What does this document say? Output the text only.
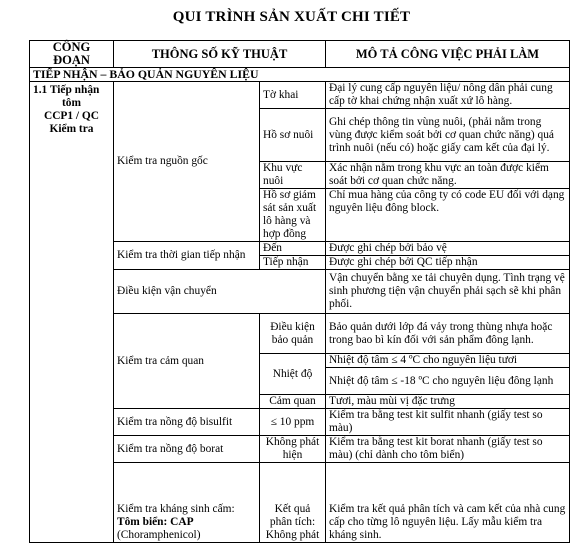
QUI TRÌNH SẢN XUẤT CHI TIẾT
CÔNG ĐOẠN	THÔNG SỐ KỸ THUẬT		MÔ TẢ CÔNG VIỆC PHẢI LÀM
TIẾP NHẬN – BẢO QUẢN NGUYÊN LIỆU			

1.1 Tiếp nhận
tôm
CCP1 / QC
Kiểm tra	Kiểm tra nguồn gốc	Tờ khai	Đại lý cung cấp nguyên liệu/ nông dân phải cung cấp tờ khai chứng nhận xuất xứ lô hàng.
		Hồ sơ nuôi	Ghi chép thông tin vùng nuôi, (phải nằm trong vùng được kiểm soát bởi cơ quan chức năng) quá trình nuôi (nếu có) hoặc giấy cam kết của đại lý.
		Khu vực nuôi	Xác nhận nằm trong khu vực an toàn được kiểm soát bởi cơ quan chức năng.
		Hồ sơ giám sát sản xuất lô hàng và hợp đồng	Chỉ mua hàng của công ty có code EU đối với dạng nguyên liệu đông block.
	Kiểm tra thời gian tiếp nhận	Đến	Được ghi chép bởi bảo vệ
		Tiếp nhận	Được ghi chép bởi QC tiếp nhận
	Điều kiện vận chuyển		Vận chuyển bằng xe tải chuyên dụng. Tình trạng vệ sinh phương tiện vận chuyển phải sạch sẽ khi phân phối.
	Kiểm tra cảm quan	Điều kiện bảo quản	Bảo quản dưới lớp đá vảy trong thùng nhựa hoặc trong bao bì kín đối với sản phẩm đông lạnh.
		Nhiệt độ	Nhiệt độ tâm ≤ 4 ºC cho nguyên liệu tươi
			Nhiệt độ tâm ≤ -18 ºC cho nguyên liệu đông lạnh
		Cảm quan	Tươi, màu mùi vị đặc trưng
	Kiểm tra nồng độ bisulfit	≤ 10 ppm	Kiểm tra bằng test kit sulfit nhanh (giấy test so màu)
	Kiểm tra nồng độ borat	Không phát hiện	Kiểm tra bằng test kit borat nhanh (giấy test so màu) (chỉ dành cho tôm biển)

	Kiểm tra kháng sinh cấm:
Tôm biển: CAP
(Choramphenicol)	Kết quả phân tích: Không phát	Kiểm tra kết quả phân tích và cam kết của nhà cung cấp cho từng lô nguyên liệu. Lấy mẫu kiểm tra kháng sinh.
